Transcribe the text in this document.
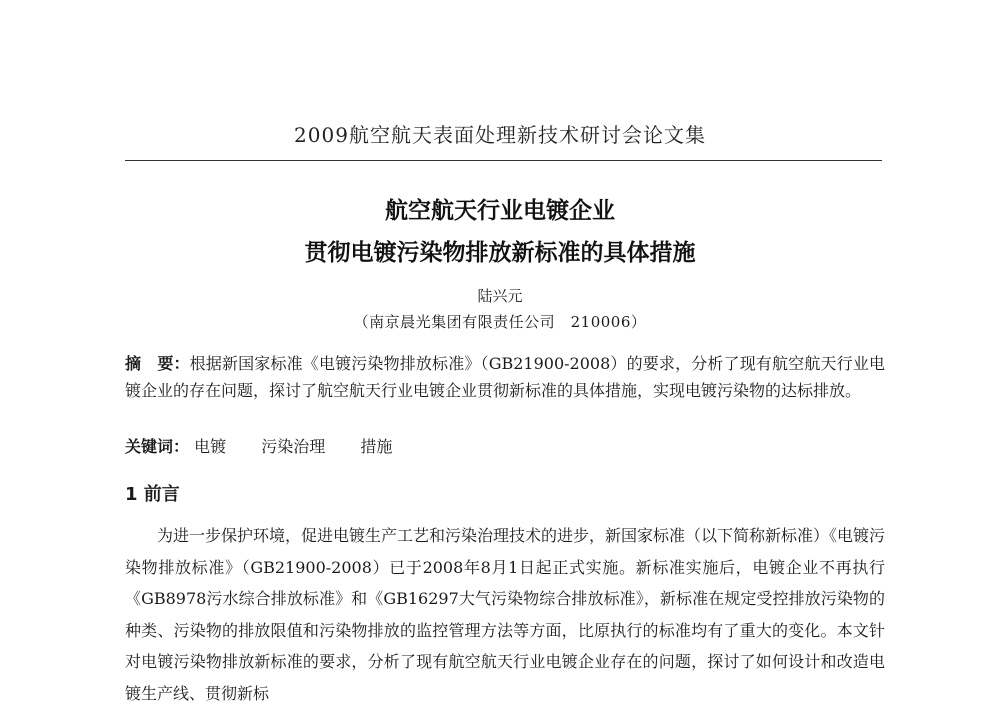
2009航空航天表面处理新技术研讨会论文集
航空航天行业电镀企业
贯彻电镀污染物排放新标准的具体措施
陆兴元
（南京晨光集团有限责任公司　210006）
摘　要：根据新国家标准《电镀污染物排放标准》（GB21900-2008）的要求，分析了现有航空航天行业电镀企业的存在问题，探讨了航空航天行业电镀企业贯彻新标准的具体措施，实现电镀污染物的达标排放。
关键词： 电镀 污染治理 措施
1 前言

为进一步保护环境，促进电镀生产工艺和污染治理技术的进步，新国家标准（以下简称新标准）《电镀污染物排放标准》（GB21900-2008）已于2008年8月1日起正式实施。新标准实施后，电镀企业不再执行《GB8978污水综合排放标准》和《GB16297大气污染物综合排放标准》，新标准在规定受控排放污染物的种类、污染物的排放限值和污染物排放的监控管理方法等方面，比原执行的标准均有了重大的变化。本文针对电镀污染物排放新标准的要求，分析了现有航空航天行业电镀企业存在的问题，探讨了如何设计和改造电镀生产线、贯彻新标
